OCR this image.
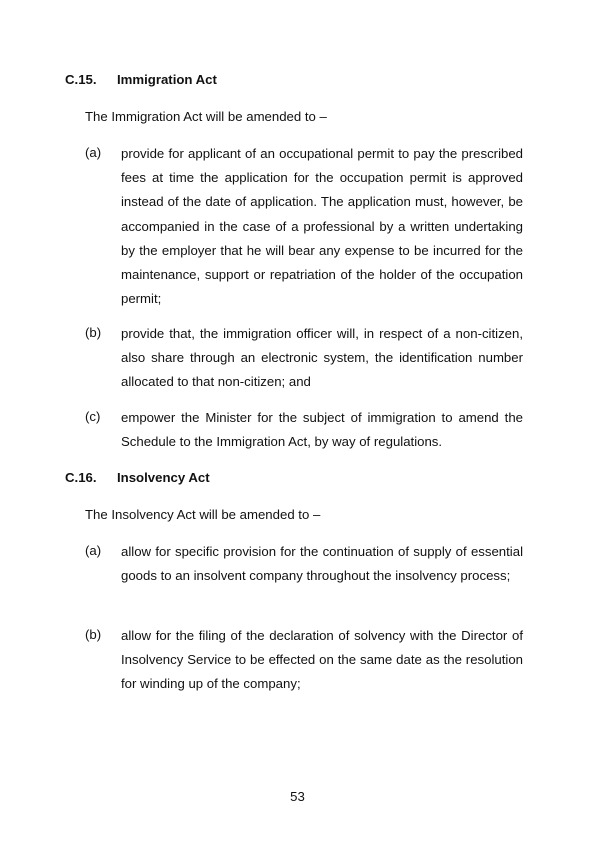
C.15. Immigration Act
The Immigration Act will be amended to –
(a) provide for applicant of an occupational permit to pay the prescribed fees at time the application for the occupation permit is approved instead of the date of application. The application must, however, be accompanied in the case of a professional by a written undertaking by the employer that he will bear any expense to be incurred for the maintenance, support or repatriation of the holder of the occupation permit;
(b) provide that, the immigration officer will, in respect of a non-citizen, also share through an electronic system, the identification number allocated to that non-citizen; and
(c) empower the Minister for the subject of immigration to amend the Schedule to the Immigration Act, by way of regulations.
C.16. Insolvency Act
The Insolvency Act will be amended to –
(a) allow for specific provision for the continuation of supply of essential goods to an insolvent company throughout the insolvency process;
(b) allow for the filing of the declaration of solvency with the Director of Insolvency Service to be effected on the same date as the resolution for winding up of the company;
53
